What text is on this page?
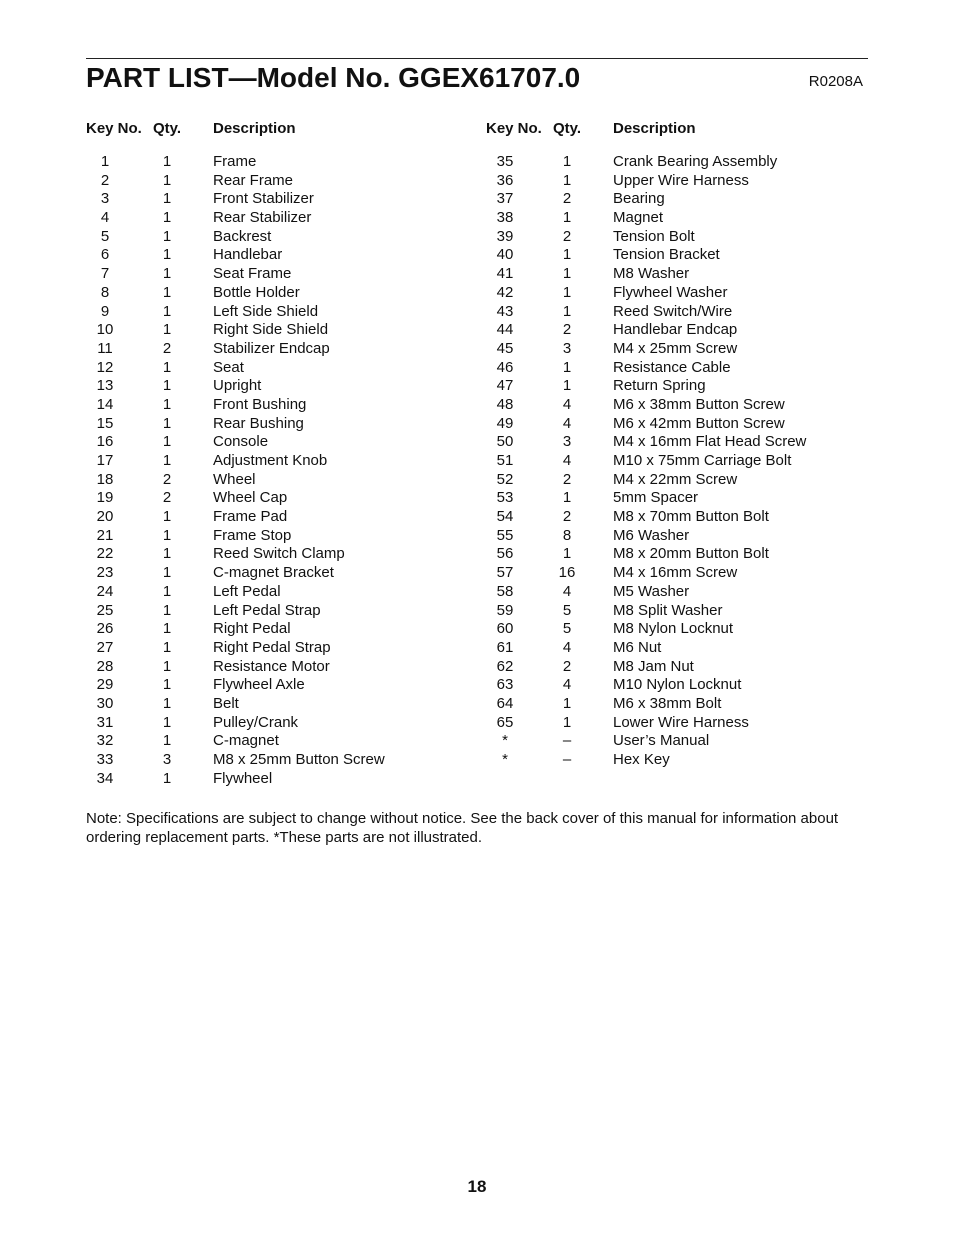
PART LIST—Model No. GGEX61707.0	R0208A
Key No. Qty. Description
1	1	Frame
2	1	Rear Frame
3	1	Front Stabilizer
4	1	Rear Stabilizer
5	1	Backrest
6	1	Handlebar
7	1	Seat Frame
8	1	Bottle Holder
9	1	Left Side Shield
10	1	Right Side Shield
11	2	Stabilizer Endcap
12	1	Seat
13	1	Upright
14	1	Front Bushing
15	1	Rear Bushing
16	1	Console
17	1	Adjustment Knob
18	2	Wheel
19	2	Wheel Cap
20	1	Frame Pad
21	1	Frame Stop
22	1	Reed Switch Clamp
23	1	C-magnet Bracket
24	1	Left Pedal
25	1	Left Pedal Strap
26	1	Right Pedal
27	1	Right Pedal Strap
28	1	Resistance Motor
29	1	Flywheel Axle
30	1	Belt
31	1	Pulley/Crank
32	1	C-magnet
33	3	M8 x 25mm Button Screw
34	1	Flywheel
Key No. Qty. Description
35	1	Crank Bearing Assembly
36	1	Upper Wire Harness
37	2	Bearing
38	1	Magnet
39	2	Tension Bolt
40	1	Tension Bracket
41	1	M8 Washer
42	1	Flywheel Washer
43	1	Reed Switch/Wire
44	2	Handlebar Endcap
45	3	M4 x 25mm Screw
46	1	Resistance Cable
47	1	Return Spring
48	4	M6 x 38mm Button Screw
49	4	M6 x 42mm Button Screw
50	3	M4 x 16mm Flat Head Screw
51	4	M10 x 75mm Carriage Bolt
52	2	M4 x 22mm Screw
53	1	5mm Spacer
54	2	M8 x 70mm Button Bolt
55	8	M6 Washer
56	1	M8 x 20mm Button Bolt
57	16	M4 x 16mm Screw
58	4	M5 Washer
59	5	M8 Split Washer
60	5	M8 Nylon Locknut
61	4	M6 Nut
62	2	M8 Jam Nut
63	4	M10 Nylon Locknut
64	1	M6 x 38mm Bolt
65	1	Lower Wire Harness
*	–	User’s Manual
*	–	Hex Key

Note: Specifications are subject to change without notice. See the back cover of this manual for information about ordering replacement parts. *These parts are not illustrated.

18
